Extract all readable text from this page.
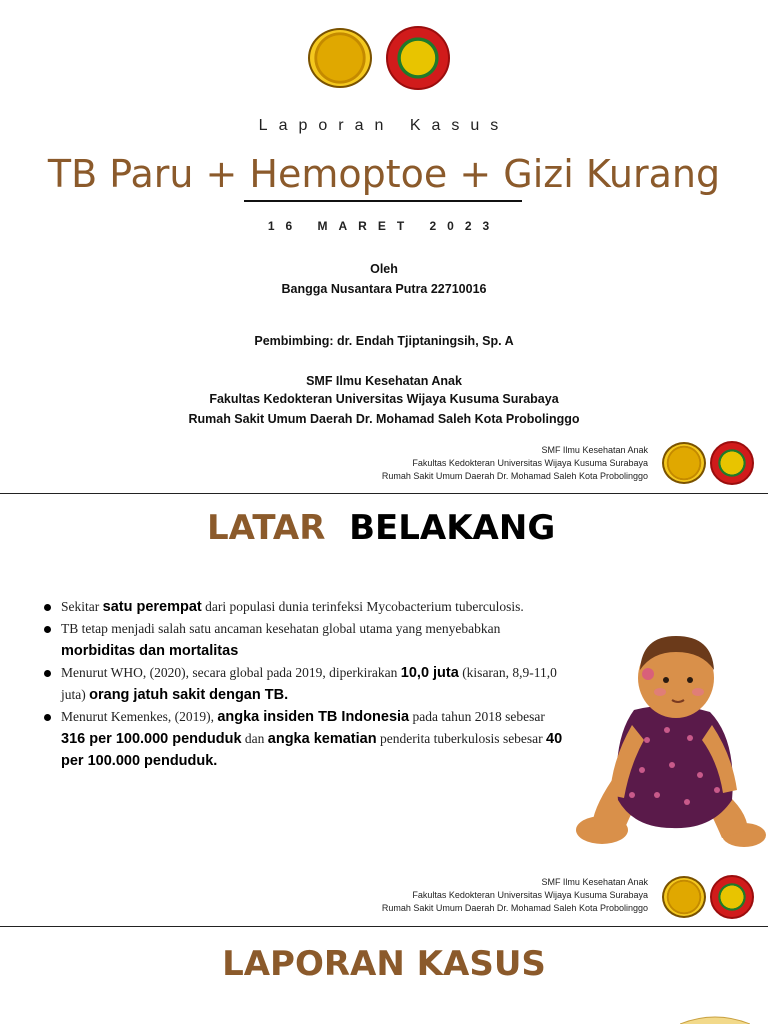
Laporan Kasus
TB Paru + Hemoptoe + Gizi Kurang
16 MARET 2023
Oleh
Bangga Nusantara Putra 22710016
Pembimbing: dr. Endah Tjiptaningsih, Sp. A
SMF Ilmu Kesehatan Anak
Fakultas Kedokteran Universitas Wijaya Kusuma Surabaya
Rumah Sakit Umum Daerah Dr. Mohamad Saleh Kota Probolinggo
SMF Ilmu Kesehatan Anak
Fakultas Kedokteran Universitas Wijaya Kusuma Surabaya
Rumah Sakit Umum Daerah Dr. Mohamad Saleh Kota Probolinggo
LATAR BELAKANG
Sekitar satu perempat dari populasi dunia terinfeksi Mycobacterium tuberculosis.
TB tetap menjadi salah satu ancaman kesehatan global utama yang menyebabkan morbiditas dan mortalitas
Menurut WHO, (2020), secara global pada 2019, diperkirakan 10,0 juta (kisaran, 8,9-11,0 juta) orang jatuh sakit dengan TB.
Menurut Kemenkes, (2019), angka insiden TB Indonesia pada tahun 2018 sebesar 316 per 100.000 penduduk dan angka kematian penderita tuberkulosis sebesar 40 per 100.000 penduduk.
SMF Ilmu Kesehatan Anak
Fakultas Kedokteran Universitas Wijaya Kusuma Surabaya
Rumah Sakit Umum Daerah Dr. Mohamad Saleh Kota Probolinggo
LAPORAN KASUS
